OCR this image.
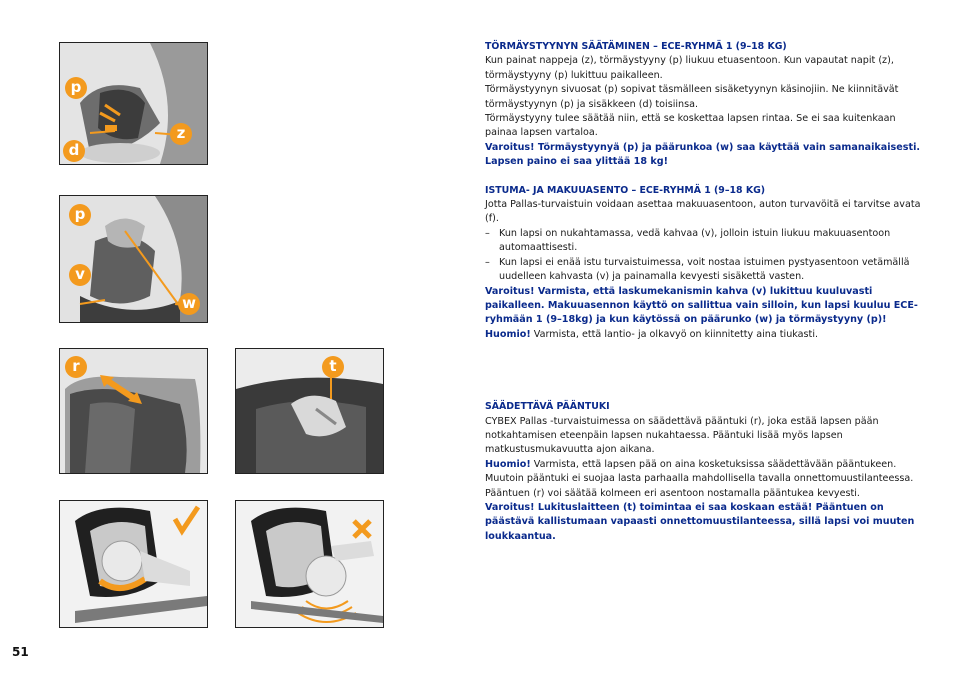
p
z
d
p
v
w
r	t

TÖRMÄYSTYYNYN SÄÄTÄMINEN – ECE-RYHMÄ 1 (9–18 KG)

Kun painat nappeja (z), törmäystyyny (p) liukuu etuasentoon. Kun vapautat napit (z), törmäystyyny (p) lukittuu paikalleen.

Törmäystyynyn sivuosat (p) sopivat täsmälleen sisäketyynyn käsinojiin. Ne kiinnitävät törmäystyynyn (p) ja sisäkkeen (d) toisiinsa.

Törmäystyyny tulee säätää niin, että se koskettaa lapsen rintaa. Se ei saa kuitenkaan painaa lapsen vartaloa.

Varoitus! Törmäystyynyä (p) ja päärunkoa (w) saa käyttää vain samanaikaisesti. Lapsen paino ei saa ylittää 18 kg!

ISTUMA- JA MAKUUASENTO – ECE-RYHMÄ 1 (9–18 KG)

Jotta Pallas-turvaistuin voidaan asettaa makuuasentoon, auton turvavöitä ei tarvitse avata (f).

– Kun lapsi on nukahtamassa, vedä kahvaa (v), jolloin istuin liukuu makuuasentoon automaattisesti.

– Kun lapsi ei enää istu turvaistuimessa, voit nostaa istuimen pystyasentoon vetämällä uudelleen kahvasta (v) ja painamalla kevyesti sisäkettä vasten.

Varoitus! Varmista, että laskumekanismin kahva (v) lukittuu kuuluvasti paikalleen. Makuuasennon käyttö on sallittua vain silloin, kun lapsi kuuluu ECE-ryhmään 1 (9–18kg) ja kun käytössä on päärunko (w) ja törmäystyyny (p)!

Huomio! Varmista, että lantio- ja olkavyö on kiinnitetty aina tiukasti.

SÄÄDETTÄVÄ PÄÄNTUKI

CYBEX Pallas -turvaistuimessa on säädettävä pääntuki (r), joka estää lapsen pään notkahtamisen eteenpäin lapsen nukahtaessa. Pääntuki lisää myös lapsen matkustusmukavuutta ajon aikana.

Huomio! Varmista, että lapsen pää on aina kosketuksissa säädettävään pääntukeen. Muutoin pääntuki ei suojaa lasta parhaalla mahdollisella tavalla onnettomuustilanteessa.

Pääntuen (r) voi säätää kolmeen eri asentoon nostamalla pääntukea kevyesti.

Varoitus! Lukituslaitteen (t) toimintaa ei saa koskaan estää! Pääntuen on päästävä kallistumaan vapaasti onnettomuustilanteessa, sillä lapsi voi muuten loukkaantua.

51
